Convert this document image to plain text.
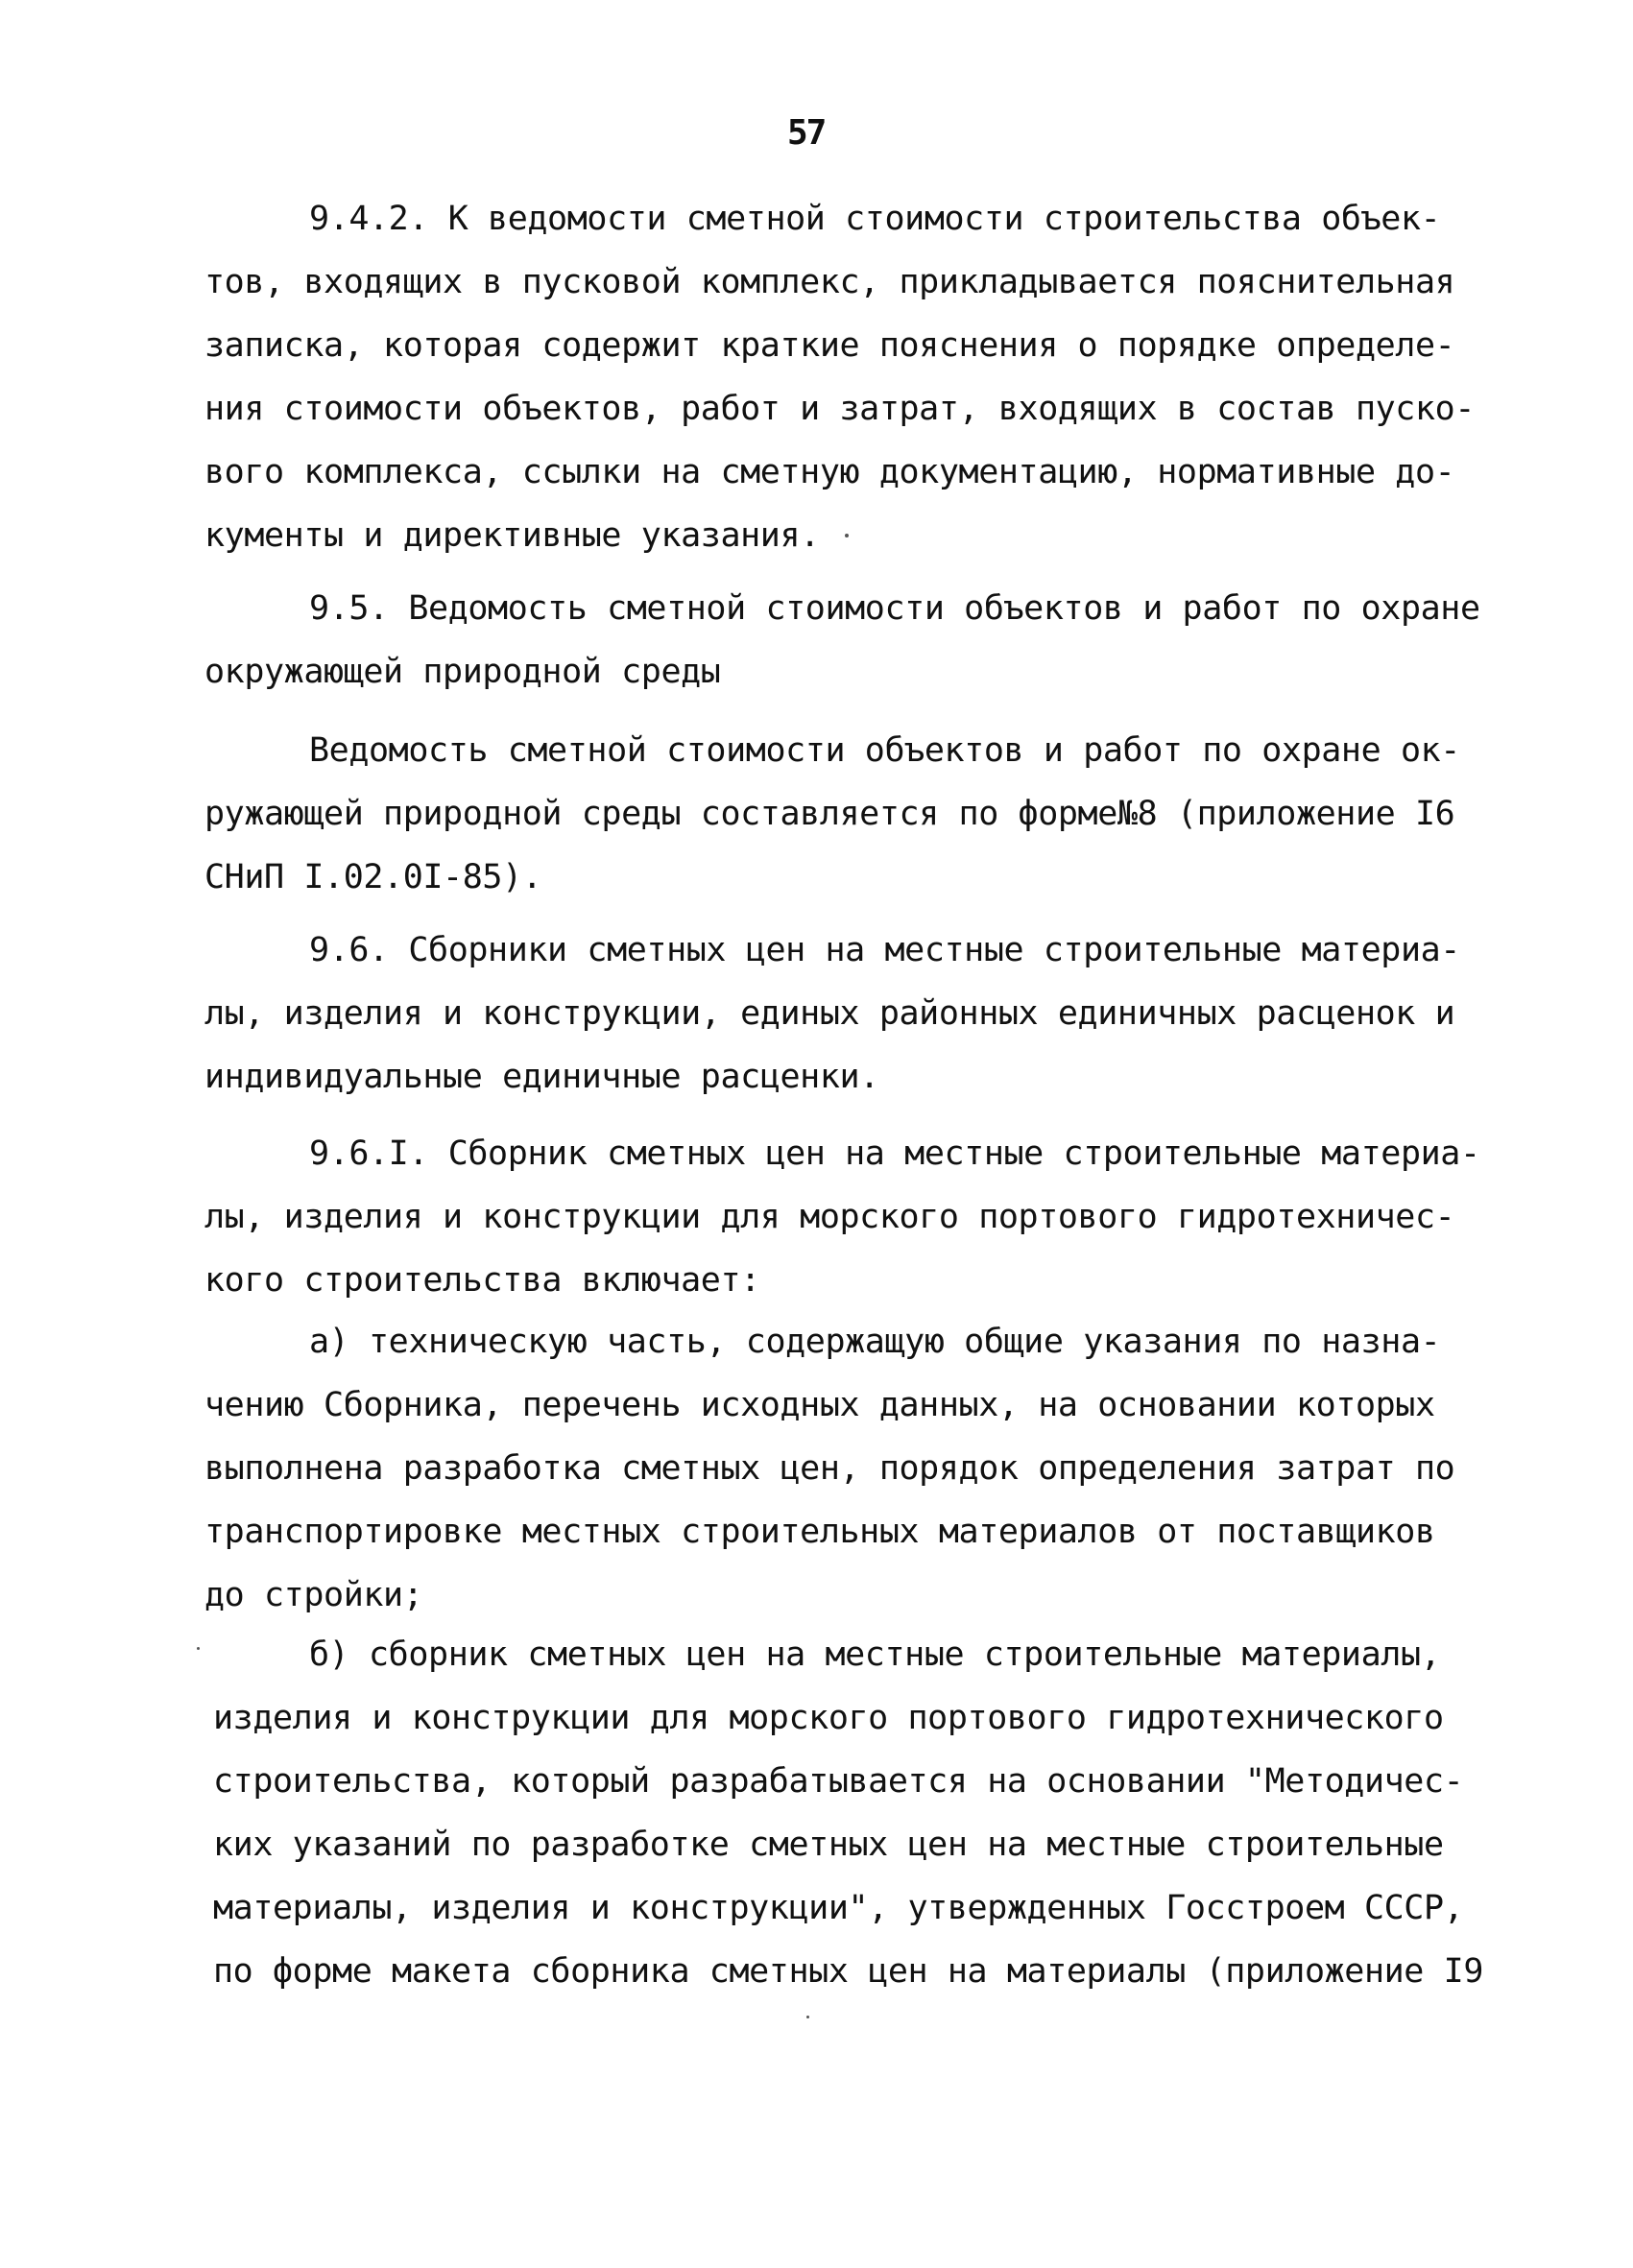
57
9.4.2. К ведомости сметной стоимости строительства объек-
тов, входящих в пусковой комплекс, прикладывается пояснительная
записка, которая содержит краткие пояснения о порядке определе-
ния стоимости объектов, работ и затрат, входящих в состав пуско-
вого комплекса, ссылки на сметную документацию, нормативные до-
кументы и директивные указания.
9.5. Ведомость сметной стоимости объектов и работ по охране
окружающей природной среды
Ведомость сметной стоимости объектов и работ по охране ок-
ружающей природной среды составляется по форме№8 (приложение I6
СНиП I.02.0I-85).
9.6. Сборники сметных цен на местные строительные материа-
лы, изделия и конструкции, единых районных единичных расценок и
индивидуальные единичные расценки.
9.6.I. Сборник сметных цен на местные строительные материа-
лы, изделия и конструкции для морского портового гидротехничес-
кого строительства включает:
а) техническую часть, содержащую общие указания по назна-
чению Сборника, перечень исходных данных, на основании которых
выполнена разработка сметных цен, порядок определения затрат по
транспортировке местных строительных материалов от поставщиков
до стройки;
б) сборник сметных цен на местные строительные материалы,
изделия и конструкции для морского портового гидротехнического
строительства, который разрабатывается на основании "Методичес-
ких указаний по разработке сметных цен на местные строительные
материалы, изделия и конструкции", утвержденных Госстроем СССР,
по форме макета сборника сметных цен на материалы (приложение I9
